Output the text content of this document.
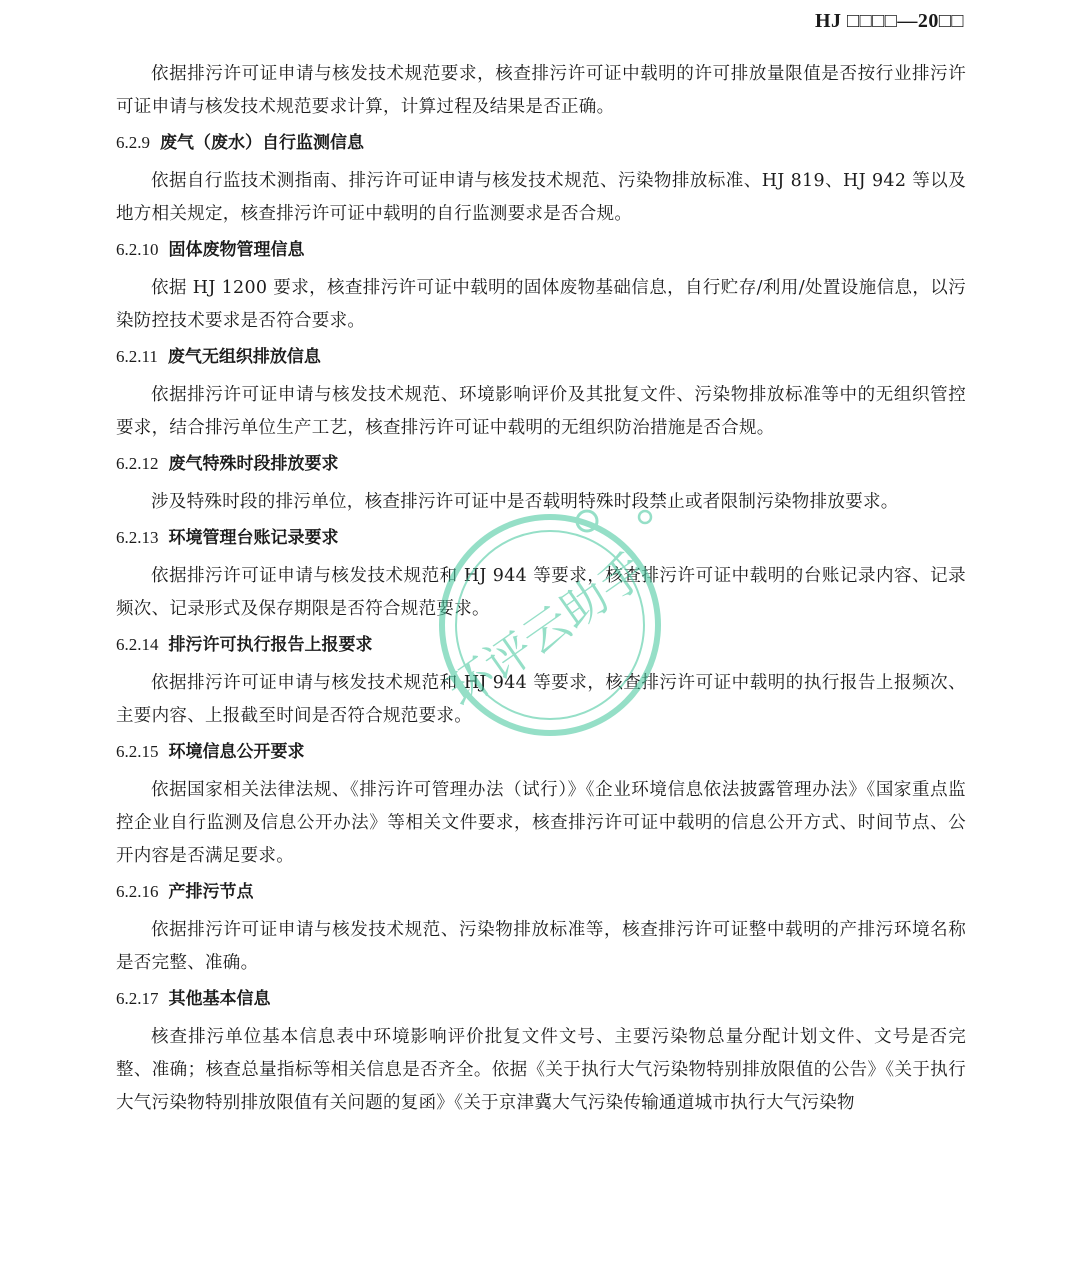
HJ □□□□—20□□

依据排污许可证申请与核发技术规范要求，核查排污许可证中载明的许可排放量限值是否按行业排污许可证申请与核发技术规范要求计算，计算过程及结果是否正确。

6.2.9 废气（废水）自行监测信息

依据自行监技术测指南、排污许可证申请与核发技术规范、污染物排放标准、HJ 819、HJ 942 等以及地方相关规定，核查排污许可证中载明的自行监测要求是否合规。

6.2.10 固体废物管理信息

依据 HJ 1200 要求，核查排污许可证中载明的固体废物基础信息，自行贮存/利用/处置设施信息，以污染防控技术要求是否符合要求。

6.2.11 废气无组织排放信息

依据排污许可证申请与核发技术规范、环境影响评价及其批复文件、污染物排放标准等中的无组织管控要求，结合排污单位生产工艺，核查排污许可证中载明的无组织防治措施是否合规。

6.2.12 废气特殊时段排放要求

涉及特殊时段的排污单位，核查排污许可证中是否载明特殊时段禁止或者限制污染物排放要求。

6.2.13 环境管理台账记录要求

依据排污许可证申请与核发技术规范和 HJ 944 等要求，核查排污许可证中载明的台账记录内容、记录频次、记录形式及保存期限是否符合规范要求。

6.2.14 排污许可执行报告上报要求

依据排污许可证申请与核发技术规范和 HJ 944 等要求，核查排污许可证中载明的执行报告上报频次、主要内容、上报截至时间是否符合规范要求。

6.2.15 环境信息公开要求

依据国家相关法律法规、《排污许可管理办法（试行）》《企业环境信息依法披露管理办法》《国家重点监控企业自行监测及信息公开办法》等相关文件要求，核查排污许可证中载明的信息公开方式、时间节点、公开内容是否满足要求。

6.2.16 产排污节点

依据排污许可证申请与核发技术规范、污染物排放标准等，核查排污许可证整中载明的产排污环境名称是否完整、准确。

6.2.17 其他基本信息

核查排污单位基本信息表中环境影响评价批复文件文号、主要污染物总量分配计划文件、文号是否完整、准确；核查总量指标等相关信息是否齐全。依据《关于执行大气污染物特别排放限值的公告》《关于执行大气污染物特别排放限值有关问题的复函》《关于京津冀大气污染传输通道城市执行大气污染物

环评云助手
